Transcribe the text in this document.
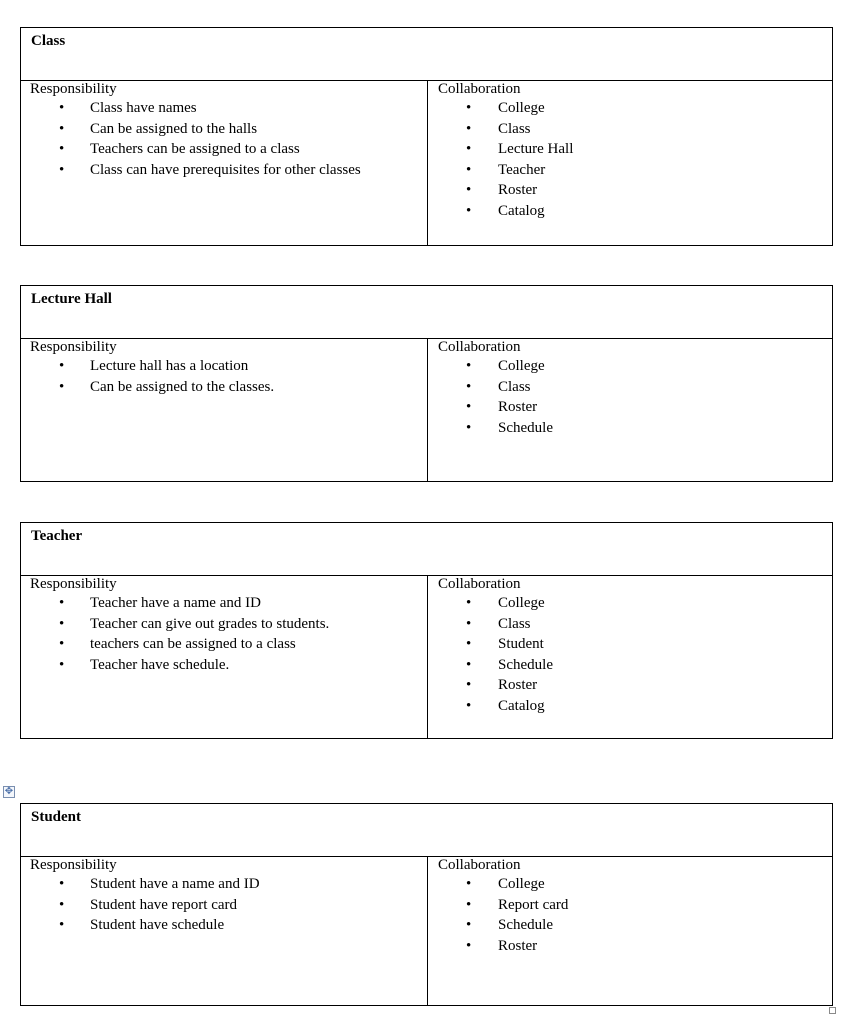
Class
Responsibility
• Class have names
• Can be assigned to the halls
• Teachers can be assigned to a class
• Class can have prerequisites for other classes
Collaboration
• College
• Class
• Lecture Hall
• Teacher
• Roster
• Catalog
Lecture Hall
Responsibility
• Lecture hall has a location
• Can be assigned to the classes.
Collaboration
• College
• Class
• Roster
• Schedule
Teacher
Responsibility
• Teacher have a name and ID
• Teacher can give out grades to students.
• teachers can be assigned to a class
• Teacher have schedule.
Collaboration
• College
• Class
• Student
• Schedule
• Roster
• Catalog
✥
Student
Responsibility
• Student have a name and ID
• Student have report card
• Student have schedule
Collaboration
• College
• Report card
• Schedule
• Roster
